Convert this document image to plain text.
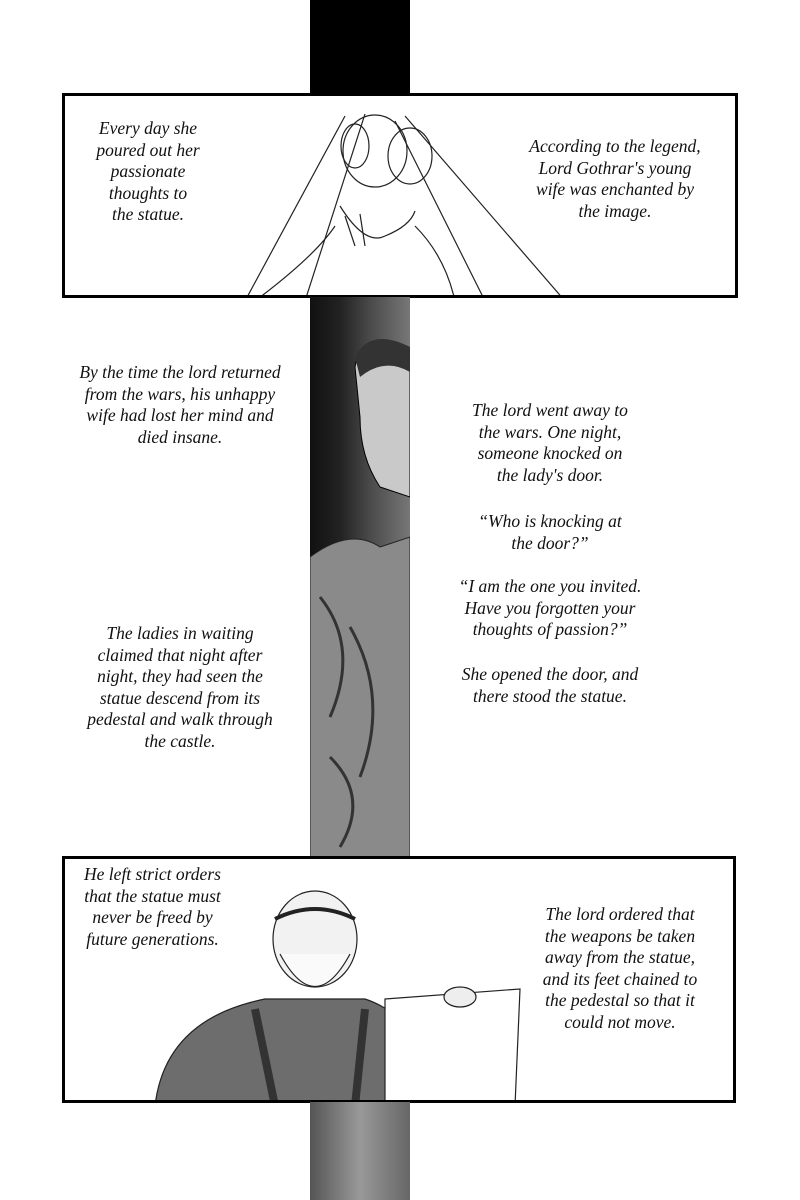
Every day she
poured out her
passionate
thoughts to
the statue.
According to the legend,
Lord Gothrar's young
wife was enchanted by
the image.
By the time the lord returned
from the wars, his unhappy
wife had lost her mind and
died insane.
The ladies in waiting
claimed that night after
night, they had seen the
statue descend from its
pedestal and walk through
the castle.
The lord went away to
the wars. One night,
someone knocked on
the lady's door.
“Who is knocking at
the door?”
“I am the one you invited.
Have you forgotten your
thoughts of passion?”
She opened the door, and
there stood the statue.
He left strict orders
that the statue must
never be freed by
future generations.
The lord ordered that
the weapons be taken
away from the statue,
and its feet chained to
the pedestal so that it
could not move.
